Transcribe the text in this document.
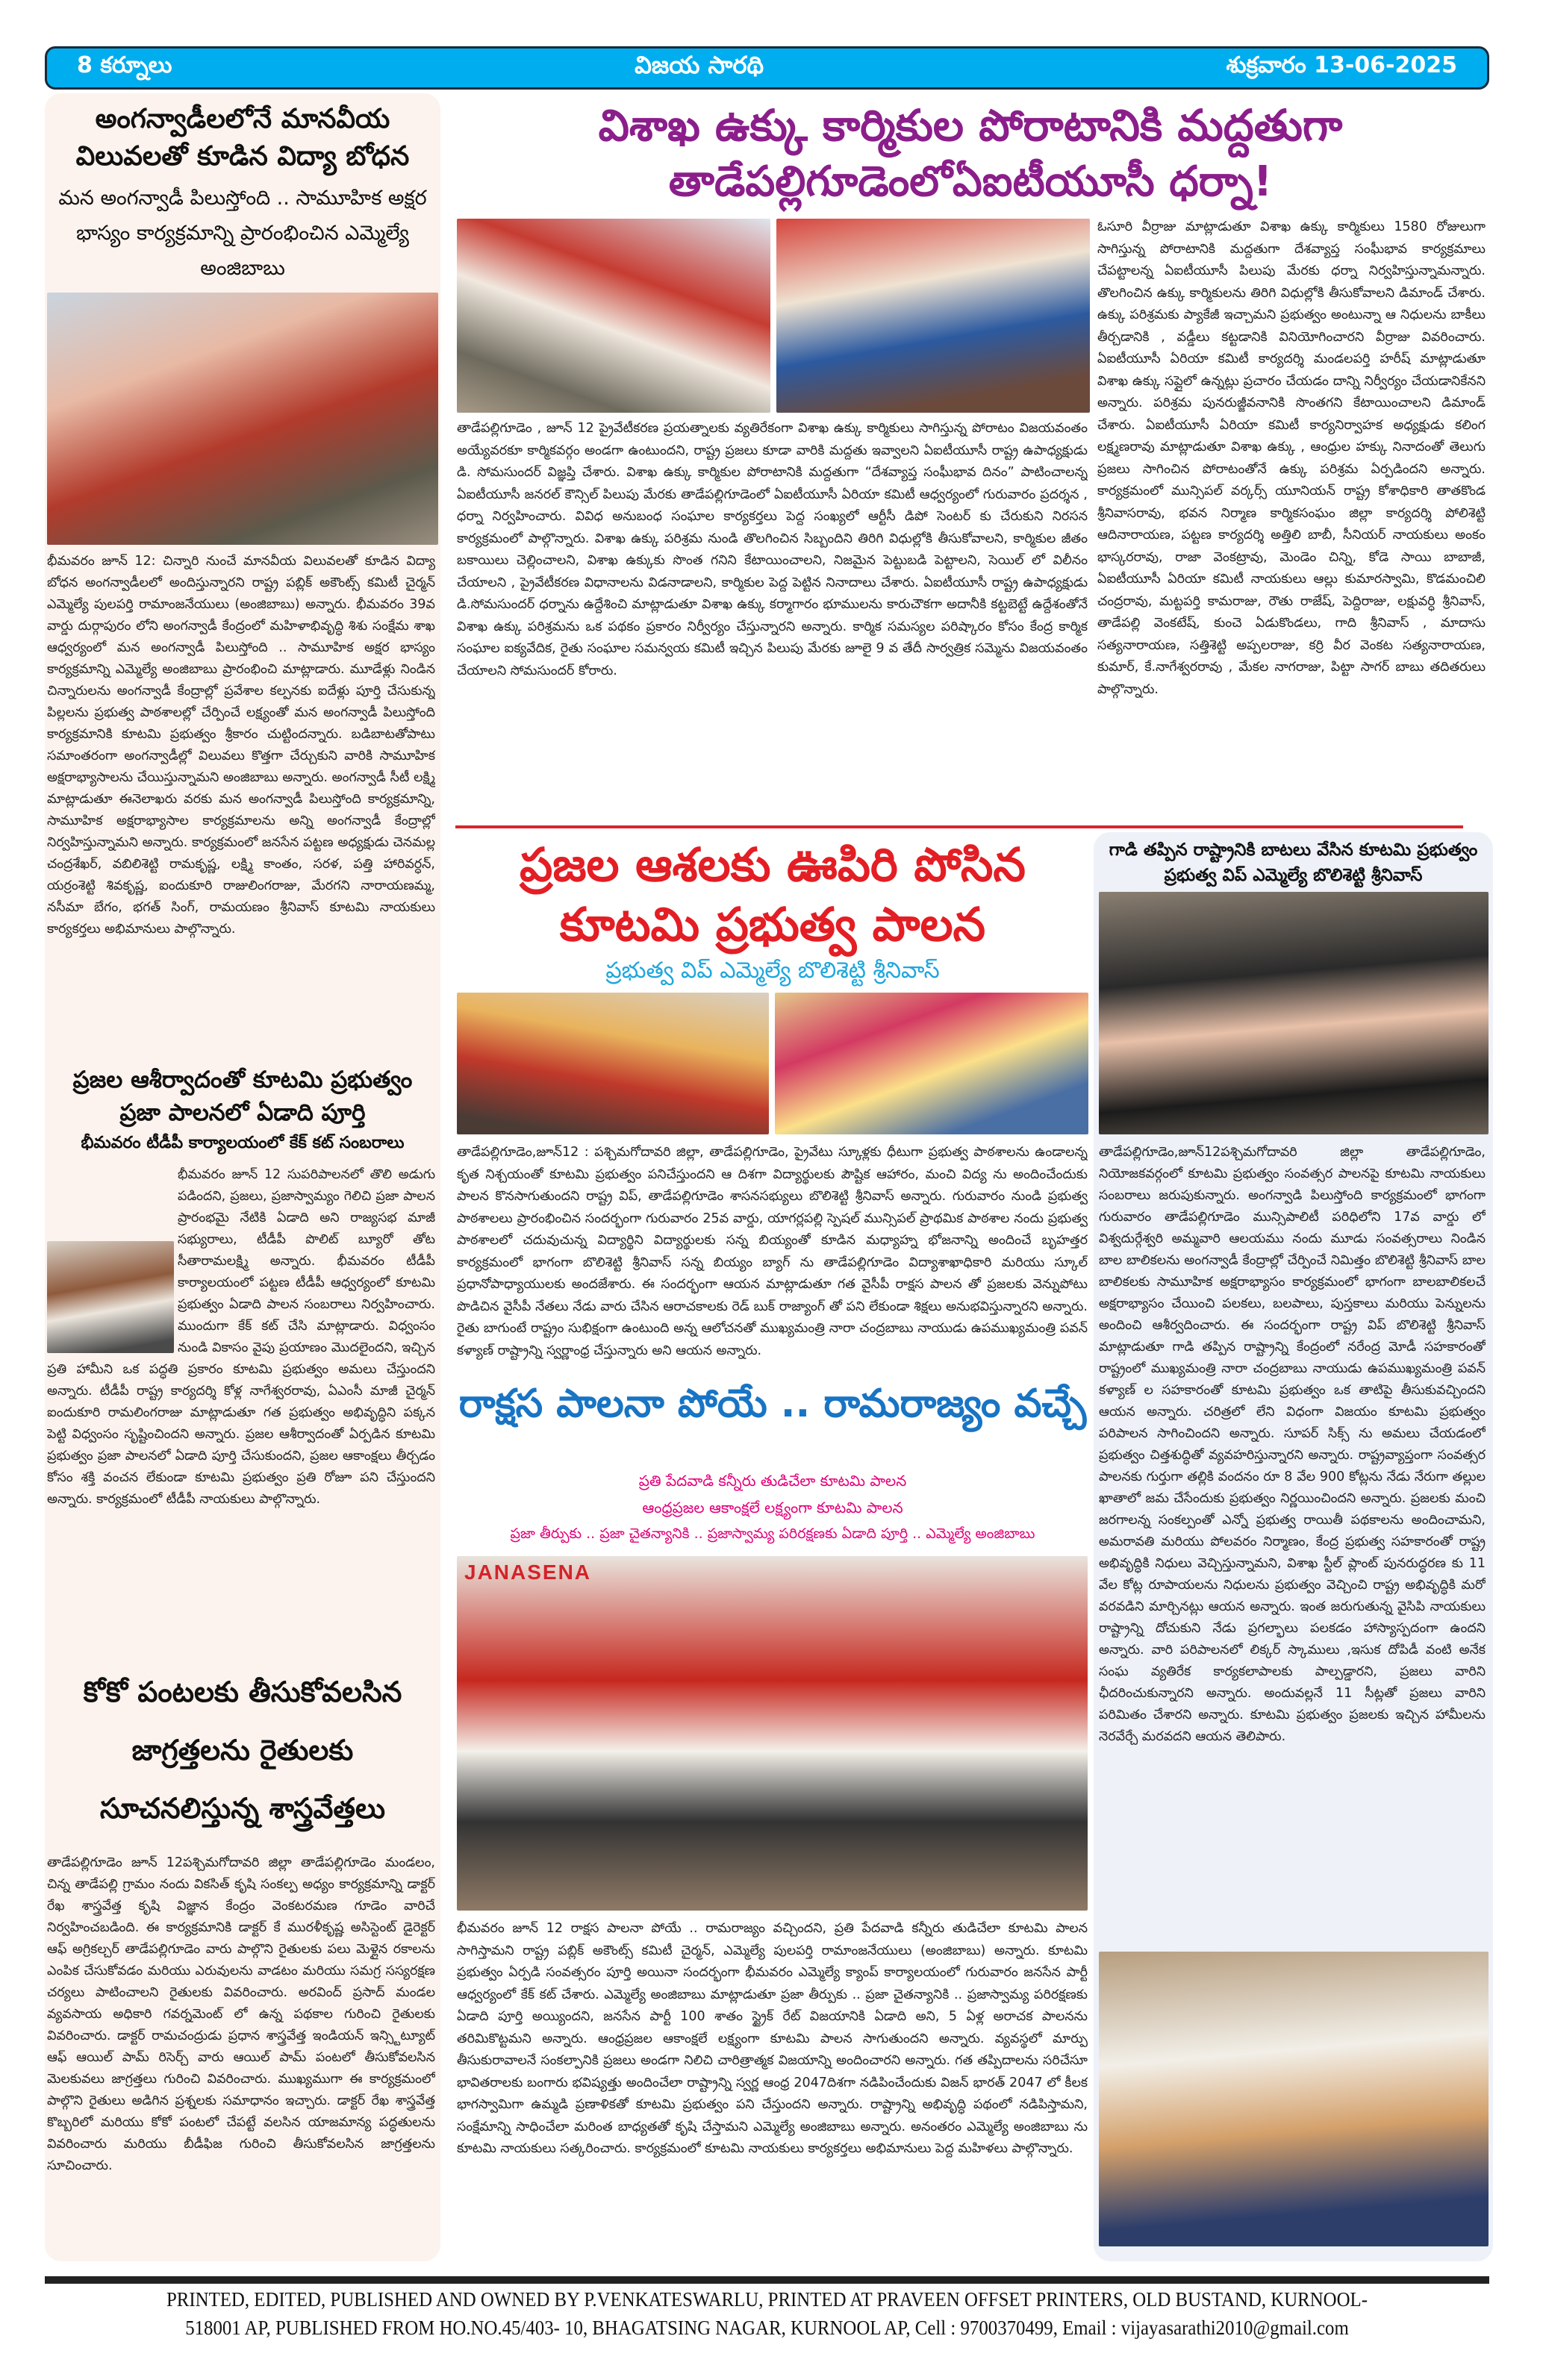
8 కర్నూలు	విజయ సారథి	శుక్రవారం 13-06-2025
అంగన్వాడీలలోనే మానవీయ విలువలతో కూడిన విద్యా బోధన
మన అంగన్వాడీ పిలుస్తోంది .. సామూహిక అక్షర భాస్యం కార్యక్రమాన్ని ప్రారంభించిన ఎమ్మెల్యే అంజిబాబు
భీమవరం జూన్ 12: చిన్నారి నుంచే మానవీయ విలువలతో కూడిన విద్యా బోధన అంగన్వాడీలలో అందిస్తున్నారని రాష్ట్ర పబ్లిక్ అకౌంట్స్ కమిటీ చైర్మన్ ఎమ్మెల్యే పులపర్తి రామాంజనేయులు (అంజిబాబు) అన్నారు. భీమవరం 39వ వార్డు దుర్గాపురం లోని అంగన్వాడీ కేంద్రంలో మహిళాభివృద్ధి శిశు సంక్షేమ శాఖ ఆధ్వర్యంలో మన అంగన్వాడీ పిలుస్తోంది .. సామూహిక అక్షర భాస్యం కార్యక్రమాన్ని ఎమ్మెల్యే అంజిబాబు ప్రారంభించి మాట్లాడారు. మూడేళ్లు నిండిన చిన్నారులను అంగన్వాడీ కేంద్రాల్లో ప్రవేశాల కల్పనకు ఐదేళ్లు పూర్తి చేసుకున్న పిల్లలను ప్రభుత్వ పాఠశాలల్లో చేర్పించే లక్ష్యంతో మన అంగన్వాడీ పిలుస్తోంది కార్యక్రమానికి కూటమి ప్రభుత్వం శ్రీకారం చుట్టిందన్నారు. బడిబాటతోపాటు సమాంతరంగా అంగన్వాడీల్లో విలువలు కొత్తగా చేర్చుకుని వారికి సామూహిక అక్షరాభ్యాసాలను చేయిస్తున్నామని అంజిబాబు అన్నారు. అంగన్వాడీ సీటీ లక్ష్మి మాట్లాడుతూ ఈనెలాఖరు వరకు మన అంగన్వాడీ పిలుస్తోంది కార్యక్రమాన్ని, సామూహిక అక్షరాభ్యాసాల కార్యక్రమాలను అన్ని అంగన్వాడీ కేంద్రాల్లో నిర్వహిస్తున్నామని అన్నారు. కార్యక్రమంలో జనసేన పట్టణ అధ్యక్షుడు చెనమల్ల చంద్రశేఖర్, వబిలిశెట్టి రామకృష్ణ, లక్ష్మి కాంతం, సరళ, పత్తి హారివర్ధన్, యర్రంశెట్టి శివకృష్ణ, ఐందుకూరి రాజులింగరాజు, మేరగని నారాయణమ్మ, నసీమా బేగం, భగత్ సింగ్, రామయణం శ్రీనివాస్ కూటమి నాయకులు కార్యకర్తలు అభిమానులు పాల్గొన్నారు.
ప్రజల ఆశీర్వాదంతో కూటమి ప్రభుత్వం ప్రజా పాలనలో ఏడాది పూర్తి
భీమవరం టీడీపీ కార్యాలయంలో కేక్ కట్ సంబరాలు
భీమవరం జూన్ 12 సుపరిపాలనలో తొలి అడుగు పడిందని, ప్రజలు, ప్రజాస్వామ్యం గెలిచి ప్రజా పాలన ప్రారంభమై నేటికి ఏడాది అని రాజ్యసభ మాజీ సభ్యురాలు, టీడీపీ పొలిట్ బ్యూరో తోట సీతారామలక్ష్మి అన్నారు. భీమవరం టీడీపీ కార్యాలయంలో పట్టణ టీడీపీ ఆధ్వర్యంలో కూటమి ప్రభుత్వం ఏడాది పాలన సంబరాలు నిర్వహించారు. ముందుగా కేక్ కట్ చేసి మాట్లాడారు. విధ్వంసం నుండి వికాసం వైపు ప్రయాణం మొదలైందని, ఇచ్చిన ప్రతి హామీని ఒక పద్ధతి ప్రకారం కూటమి ప్రభుత్వం అమలు చేస్తుందని అన్నారు. టీడీపీ రాష్ట్ర కార్యదర్శి కోళ్ల నాగేశ్వరరావు, ఏఎంసీ మాజీ చైర్మన్ ఐందుకూరి రామలింగరాజు మాట్లాడుతూ గత ప్రభుత్వం అభివృద్ధిని పక్కన పెట్టి విధ్వంసం సృష్టించిందని అన్నారు. ప్రజల ఆశీర్వాదంతో ఏర్పడిన కూటమి ప్రభుత్వం ప్రజా పాలనలో ఏడాది పూర్తి చేసుకుందని, ప్రజల ఆకాంక్షలు తీర్చడం కోసం శక్తి వంచన లేకుండా కూటమి ప్రభుత్వం ప్రతి రోజూ పని చేస్తుందని అన్నారు. కార్యక్రమంలో టీడీపీ నాయకులు పాల్గొన్నారు.
కోకో పంటలకు తీసుకోవలసిన జాగ్రత్తలను రైతులకు సూచనలిస్తున్న శాస్త్రవేత్తలు
తాడేపల్లిగూడెం జూన్ 12పశ్చిమగోదావరి జిల్లా తాడేపల్లిగూడెం మండలం, చిన్న తాడేపల్లి గ్రామం నందు వికసిత్ కృషి సంకల్ప అధ్యం కార్యక్రమాన్ని డాక్టర్ రేఖ శాస్త్రవేత్త కృషి విజ్ఞాన కేంద్రం వెంకటరమణ గూడెం వారిచే నిర్వహించబడింది. ఈ కార్యక్రమానికి డాక్టర్ కే మురళీకృష్ణ అసిస్టెంట్ డైరెక్టర్ ఆఫ్ అగ్రికల్చర్ తాడేపల్లిగూడెం వారు పాల్గొని రైతులకు పలు మెళ్లైన రకాలను ఎంపిక చేసుకోవడం మరియు ఎరువులను వాడటం మరియు సమగ్ర సస్యరక్షణ చర్యలు పాటించాలని రైతులకు వివరించారు. అరవింద్ ప్రసాద్ మండల వ్యవసాయ అధికారి గవర్నమెంట్ లో ఉన్న పథకాల గురించి రైతులకు వివరించారు. డాక్టర్ రామచంద్రుడు ప్రధాన శాస్త్రవేత్త ఇండియన్ ఇన్స్టిట్యూట్ ఆఫ్ ఆయిల్ పామ్ రిసెర్చ్ వారు ఆయిల్ పామ్ పంటలో తీసుకోవలసిన మెలకువలు జాగ్రత్తలు గురించి వివరించారు. ముఖ్యముగా ఈ కార్యక్రమంలో పాల్గొని రైతులు అడిగిన ప్రశ్నలకు సమాధానం ఇచ్చారు. డాక్టర్ రేఖ శాస్త్రవేత్త కొబ్బరిలో మరియు కోకో పంటలో చేపట్టే వలసిన యాజమాన్య పద్ధతులను వివరించారు మరియు బీడీఫిజ గురించి తీసుకోవలసిన జాగ్రత్తలను సూచించారు.
విశాఖ ఉక్కు కార్మికుల పోరాటానికి మద్దతుగా
తాడేపల్లిగూడెంలోఏఐటీయూసీ ధర్నా!
తాడేపల్లిగూడెం , జూన్ 12 ప్రైవేటీకరణ ప్రయత్నాలకు వ్యతిరేకంగా విశాఖ ఉక్కు కార్మికులు సాగిస్తున్న పోరాటం విజయవంతం అయ్యేవరకూ కార్మికవర్గం అండగా ఉంటుందని, రాష్ట్ర ప్రజలు కూడా వారికి మద్దతు ఇవ్వాలని ఏఐటీయూసీ రాష్ట్ర ఉపాధ్యక్షుడు డి. సోమసుందర్ విజ్ఞప్తి చేశారు. విశాఖ ఉక్కు కార్మికుల పోరాటానికి మద్దతుగా “దేశవ్యాప్త సంఘీభావ దినం” పాటించాలన్న ఏఐటీయూసీ జనరల్ కౌన్సిల్ పిలుపు మేరకు తాడేపల్లిగూడెంలో ఏఐటీయూసీ ఏరియా కమిటీ ఆధ్వర్యంలో గురువారం ప్రదర్శన , ధర్నా నిర్వహించారు. వివిధ అనుబంధ సంఘాల కార్యకర్తలు పెద్ద సంఖ్యలో ఆర్టీసీ డిపో సెంటర్ కు చేరుకుని నిరసన కార్యక్రమంలో పాల్గొన్నారు. విశాఖ ఉక్కు పరిశ్రమ నుండి తొలగించిన సిబ్బందిని తిరిగి విధుల్లోకి తీసుకోవాలని, కార్మికుల జీతం బకాయిలు చెల్లించాలని, విశాఖ ఉక్కుకు సొంత గనిని కేటాయించాలని, నిజమైన పెట్టుబడి పెట్టాలని, సెయిల్ లో విలీనం చేయాలని , ప్రైవేటీకరణ విధానాలను విడనాడాలని, కార్మికుల పెద్ద పెట్టిన నినాదాలు చేశారు. ఏఐటీయూసీ రాష్ట్ర ఉపాధ్యక్షుడు డి.సోమసుందర్ ధర్నాను ఉద్దేశించి మాట్లాడుతూ విశాఖ ఉక్కు కర్మాగారం భూములను కారుచౌకగా అదానీకి కట్టబెట్టే ఉద్దేశంతోనే విశాఖ ఉక్కు పరిశ్రమను ఒక పథకం ప్రకారం నిర్వీర్యం చేస్తున్నారని అన్నారు. కార్మిక సమస్యల పరిష్కారం కోసం కేంద్ర కార్మిక సంఘాల ఐక్యవేదిక, రైతు సంఘాల సమన్వయ కమిటీ ఇచ్చిన పిలుపు మేరకు జూలై 9 వ తేదీ సార్వత్రిక సమ్మెను విజయవంతం చేయాలని సోమసుందర్ కోరారు.
ఓసూరి వీర్రాజు మాట్లాడుతూ విశాఖ ఉక్కు కార్మికులు 1580 రోజులుగా సాగిస్తున్న పోరాటానికి మద్దతుగా దేశవ్యాప్త సంఘీభావ కార్యక్రమాలు చేపట్టాలన్న ఏఐటీయూసీ పిలుపు మేరకు ధర్నా నిర్వహిస్తున్నామన్నారు. తొలగించిన ఉక్కు కార్మికులను తిరిగి విధుల్లోకి తీసుకోవాలని డిమాండ్ చేశారు. ఉక్కు పరిశ్రమకు ప్యాకేజీ ఇచ్చామని ప్రభుత్వం అంటున్నా ఆ నిధులను బాకీలు తీర్చడానికి , వడ్డీలు కట్టడానికి వినియోగించారని వీర్రాజు వివరించారు. ఏఐటీయూసీ ఏరియా కమిటీ కార్యదర్శి మండలపర్తి హరీష్ మాట్లాడుతూ విశాఖ ఉక్కు సప్లైలో ఉన్నట్లు ప్రచారం చేయడం దాన్ని నిర్వీర్యం చేయడానికేనని అన్నారు. పరిశ్రమ పునరుజ్జీవనానికి సొంతగని కేటాయించాలని డిమాండ్ చేశారు. ఏఐటీయూసీ ఏరియా కమిటీ కార్యనిర్వాహక అధ్యక్షుడు కలింగ లక్ష్మణరావు మాట్లాడుతూ విశాఖ ఉక్కు , ఆంధ్రుల హక్కు నినాదంతో తెలుగు ప్రజలు సాగించిన పోరాటంతోనే ఉక్కు పరిశ్రమ ఏర్పడిందని అన్నారు. కార్యక్రమంలో మున్సిపల్ వర్కర్స్ యూనియన్ రాష్ట్ర కోశాధికారి తాతకొండ శ్రీనివాసరావు, భవన నిర్మాణ కార్మికసంఘం జిల్లా కార్యదర్శి పోలిశెట్టి ఆదినారాయణ, పట్టణ కార్యదర్శి అత్తిలి బాబీ, సీనియర్ నాయకులు అంకం భాస్కరరావు, రాజా వెంకట్రావు, మెండెం చిన్ని, కోడె సాయి బాబాజీ, ఏఐటీయూసీ ఏరియా కమిటీ నాయకులు ఆల్లు కుమారస్వామి, కొడమంచిలి చంద్రరావు, మట్టపర్తి కామరాజు, రౌతు రాజేష్, పెద్దిరాజు, లక్షువర్ధి శ్రీనివాస్, తాడేపల్లి వెంకటేష్, కుంచె ఏడుకొండలు, గాది శ్రీనివాస్ , మాదాసు సత్యనారాయణ, సత్తిశెట్టి అప్పలరాజు, కర్రి వీర వెంకట సత్యనారాయణ, కుమార్, కే.నాగేశ్వరరావు , మేకల నాగరాజు, పిట్టా సాగర్ బాబు తదితరులు పాల్గొన్నారు.
ప్రజల ఆశలకు ఊపిరి పోసిన
కూటమి ప్రభుత్వ పాలన
ప్రభుత్వ విప్ ఎమ్మెల్యే బొలిశెట్టి శ్రీనివాస్
తాడేపల్లిగూడెం,జూన్12 : పశ్చిమగోదావరి జిల్లా, తాడేపల్లిగూడెం, ప్రైవేటు స్కూళ్లకు ధీటుగా ప్రభుత్వ పాఠశాలను ఉండాలన్న కృత నిశ్చయంతో కూటమి ప్రభుత్వం పనిచేస్తుందని ఆ దిశగా విద్యార్థులకు పౌష్టిక ఆహారం, మంచి విద్య ను అందించేందుకు పాలన కొనసాగుతుందని రాష్ట్ర విప్, తాడేపల్లిగూడెం శాసనసభ్యులు బొలిశెట్టి శ్రీనివాస్ అన్నారు. గురువారం నుండి ప్రభుత్వ పాఠశాలలు ప్రారంభించిన సందర్భంగా గురువారం 25వ వార్డు, యాగర్లపల్లి స్పెషల్ మున్సిపల్ ప్రాథమిక పాఠశాల నందు ప్రభుత్వ పాఠశాలలో చదువుచున్న విద్యార్థిని విద్యార్థులకు సన్న బియ్యంతో కూడిన మధ్యాహ్న భోజనాన్ని అందించే బృహత్తర కార్యక్రమంలో భాగంగా బొలిశెట్టి శ్రీనివాస్ సన్న బియ్యం బ్యాగ్ ను తాడేపల్లిగూడెం విద్యాశాఖాధికారి మరియు స్కూల్ ప్రధానోపాధ్యాయులకు అందజేశారు. ఈ సందర్భంగా ఆయన మాట్లాడుతూ గత వైసీపీ రాక్షస పాలన తో ప్రజలకు వెన్నుపోటు పొడిచిన వైసీపీ నేతలు నేడు వారు చేసిన ఆరాచకాలకు రెడ్ బుక్ రాజ్యాంగ్ తో పని లేకుండా శిక్షలు అనుభవిస్తున్నారని అన్నారు. రైతు బాగుంటే రాష్ట్రం సుభిక్షంగా ఉంటుంది అన్న ఆలోచనతో ముఖ్యమంత్రి నారా చంద్రబాబు నాయుడు ఉపముఖ్యమంత్రి పవన్ కళ్యాణ్ రాష్ట్రాన్ని స్వర్ణాంధ్ర చేస్తున్నారు అని ఆయన అన్నారు.
రాక్షస పాలనా పోయే .. రామరాజ్యం వచ్చే
ప్రతి పేదవాడి కన్నీరు తుడిచేలా కూటమి పాలన
ఆంధ్రప్రజల ఆకాంక్షలే లక్ష్యంగా కూటమి పాలన
ప్రజా తీర్పుకు .. ప్రజా చైతన్యానికి .. ప్రజాస్వామ్య పరిరక్షణకు ఏడాది పూర్తి .. ఎమ్మెల్యే అంజిబాబు
JANASENA
భీమవరం జూన్ 12 రాక్షస పాలనా పోయే .. రామరాజ్యం వచ్చిందని, ప్రతి పేదవాడి కన్నీరు తుడిచేలా కూటమి పాలన సాగిస్తామని రాష్ట్ర పబ్లిక్ అకౌంట్స్ కమిటీ చైర్మన్, ఎమ్మెల్యే పులపర్తి రామాంజనేయులు (అంజిబాబు) అన్నారు. కూటమి ప్రభుత్వం ఏర్పడి సంవత్సరం పూర్తి అయినా సందర్భంగా భీమవరం ఎమ్మెల్యే క్యాంప్ కార్యాలయంలో గురువారం జనసేన పార్టీ ఆధ్వర్యంలో కేక్ కట్ చేశారు. ఎమ్మెల్యే అంజిబాబు మాట్లాడుతూ ప్రజా తీర్పుకు .. ప్రజా చైతన్యానికి .. ప్రజాస్వామ్య పరిరక్షణకు ఏడాది పూర్తి అయ్యిందని, జనసేన పార్టీ 100 శాతం స్ట్రైక్ రేట్ విజయానికి ఏడాది అని, 5 ఏళ్ల అరాచక పాలనను తరిమికొట్టమని అన్నారు. ఆంధ్రప్రజల ఆకాంక్షలే లక్ష్యంగా కూటమి పాలన సాగుతుందని అన్నారు. వ్యవస్థలో మార్పు తీసుకురావాలనే సంకల్పానికి ప్రజలు అండగా నిలిచి చారిత్రాత్మక విజయాన్ని అందించారని అన్నారు. గత తప్పిదాలను సరిచేసూ భావితరాలకు బంగారు భవిష్యత్తు అందించేలా రాష్ట్రాన్ని స్వర్ణ ఆంధ్ర 2047దిశగా నడిపించేందుకు విజన్ భారత్ 2047 లో కీలక భాగస్వామిగా ఉమ్మడి ప్రణాళికతో కూటమి ప్రభుత్వం పని చేస్తుందని అన్నారు. రాష్ట్రాన్ని అభివృద్ధి పథంలో నడిపిస్తామని, సంక్షేమాన్ని సాధించేలా మరింత బాధ్యతతో కృషి చేస్తామని ఎమ్మెల్యే అంజిబాబు అన్నారు. అనంతరం ఎమ్మెల్యే అంజిబాబు ను కూటమి నాయకులు సత్కరించారు. కార్యక్రమంలో కూటమి నాయకులు కార్యకర్తలు అభిమానులు పెద్ద మహిళలు పాల్గొన్నారు.
గాడి తప్పిన రాష్ట్రానికి బాటలు వేసిన కూటమి ప్రభుత్వం ప్రభుత్వ విప్ ఎమ్మెల్యే బొలిశెట్టి శ్రీనివాస్
తాడేపల్లిగూడెం,జూన్12పశ్చిమగోదావరి జిల్లా తాడేపల్లిగూడెం, నియోజకవర్గంలో కూటమి ప్రభుత్వం సంవత్సర పాలనపై కూటమి నాయకులు సంబరాలు జరుపుకున్నారు. అంగన్వాడి పిలుస్తోంది కార్యక్రమంలో భాగంగా గురువారం తాడేపల్లిగూడెం మున్సిపాలిటీ పరిధిలోని 17వ వార్డు లో విశ్వదుర్గేశ్వరి అమ్మవారి ఆలయము నందు మూడు సంవత్సరాలు నిండిన బాల బాలికలను అంగన్వాడీ కేంద్రాల్లో చేర్పించే నిమిత్తం బొలిశెట్టి శ్రీనివాస్ బాల బాలికలకు సామూహిక అక్షరాభ్యాసం కార్యక్రమంలో భాగంగా బాలబాలికలచే అక్షరాభ్యాసం చేయించి పలకలు, బలపాలు, పుస్తకాలు మరియు పెన్నులను అందించి ఆశీర్వదించారు. ఈ సందర్భంగా రాష్ట్ర విప్ బొలిశెట్టి శ్రీనివాస్ మాట్లాడుతూ గాడి తప్పిన రాష్ట్రాన్ని కేంద్రంలో నరేంద్ర మోడీ సహకారంతో రాష్ట్రంలో ముఖ్యమంత్రి నారా చంద్రబాబు నాయుడు ఉపముఖ్యమంత్రి పవన్ కళ్యాణ్ ల సహకారంతో కూటమి ప్రభుత్వం ఒక తాటిపై తీసుకువచ్చిందని ఆయన అన్నారు. చరిత్రలో లేని విధంగా విజయం కూటమి ప్రభుత్వం పరిపాలన సాగించిందని అన్నారు. సూపర్ సిక్స్ ను అమలు చేయడంలో ప్రభుత్వం చిత్తశుద్ధితో వ్యవహరిస్తున్నారని అన్నారు. రాష్ట్రవ్యాప్తంగా సంవత్సర పాలనకు గుర్తుగా తల్లికి వందనం రూ 8 వేల 900 కోట్లను నేడు నేరుగా తల్లుల ఖాతాలో జమ చేసేందుకు ప్రభుత్వం నిర్ణయించిందని అన్నారు. ప్రజలకు మంచి జరగాలన్న సంకల్పంతో ఎన్నో ప్రభుత్వ రాయితీ పథకాలను అందించామని, అమరావతి మరియు పోలవరం నిర్మాణం, కేంద్ర ప్రభుత్వ సహకారంతో రాష్ట్ర అభివృద్ధికి నిధులు వెచ్చిస్తున్నామని, విశాఖ స్టీల్ ప్లాంట్ పునరుద్ధరణ కు 11 వేల కోట్ల రూపాయలను నిధులను ప్రభుత్వం వెచ్చించి రాష్ట్ర అభివృద్ధికి మరో వరవడిని మార్చినట్లు ఆయన అన్నారు. ఇంత జరుగుతున్న వైసిపి నాయకులు రాష్ట్రాన్ని దోచుకుని నేడు ప్రగల్భాలు పలకడం హాస్యాస్పదంగా ఉందని అన్నారు. వారి పరిపాలనలో లిక్కర్ స్కాములు ,ఇసుక దోపిడీ వంటి అనేక సంఘ వ్యతిరేక కార్యకలాపాలకు పాల్పడ్డారని, ప్రజలు వారిని ఛీదరించుకున్నారని అన్నారు. అందువల్లనే 11 సీట్లతో ప్రజలు వారిని పరిమితం చేశారని అన్నారు. కూటమి ప్రభుత్వం ప్రజలకు ఇచ్చిన హామీలను నెరవేర్చే మరవదని ఆయన తెలిపారు.
PRINTED, EDITED, PUBLISHED AND OWNED BY P.VENKATESWARLU, PRINTED AT PRAVEEN OFFSET PRINTERS, OLD BUSTAND, KURNOOL-
518001 AP, PUBLISHED FROM HO.NO.45/403- 10, BHAGATSING NAGAR, KURNOOL AP, Cell : 9700370499, Email : vijayasarathi2010@gmail.com
